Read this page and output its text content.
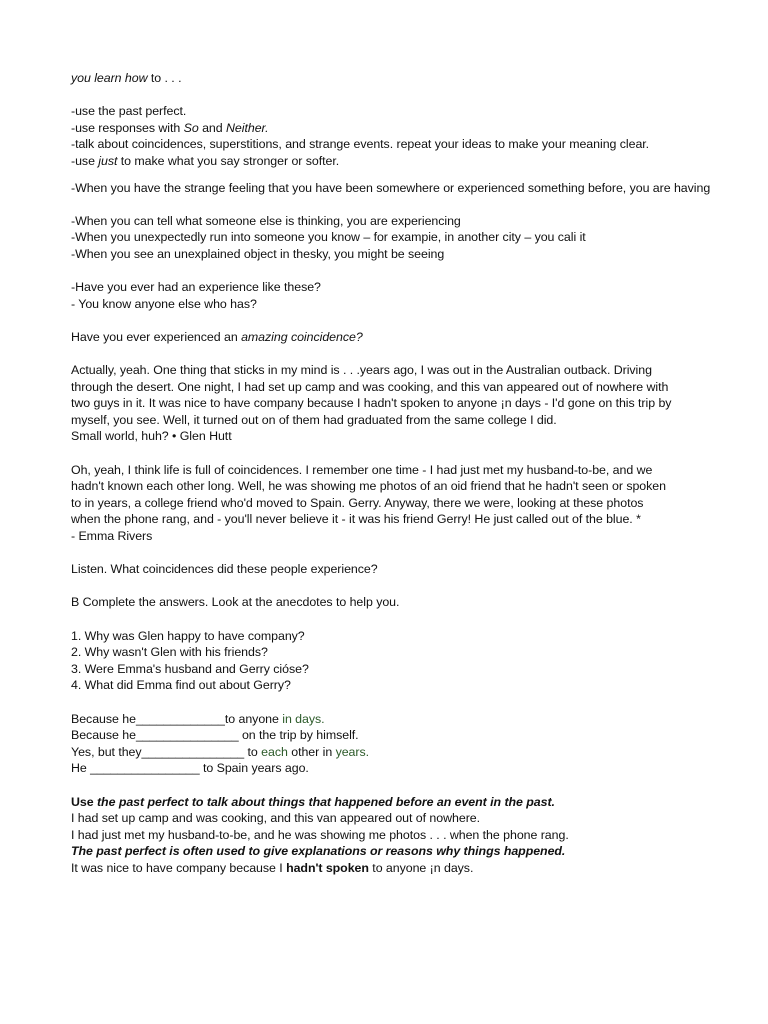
you learn how to . . .

-use the past perfect.

-use responses with So and Neither.

-talk about coincidences, superstitions, and strange events. repeat your ideas to make your meaning clear.

-use just to make what you say stronger or softer.

-When you have the strange feeling that you have been somewhere or experienced something before, you are having

-When you can tell what someone else is thinking, you are experiencing

-When you unexpectedly run into someone you know – for exampie, in another city – you cali it

-When you see an unexplained object in thesky, you might be seeing

-Have you ever had an experience like these?

- You know anyone else who has?

Have you ever experienced an amazing coincidence?

Actually, yeah. One thing that sticks in my mind is . . .years ago, I was out in the Australian outback. Driving

through the desert. One night, I had set up camp and was cooking, and this van appeared out of nowhere with

two guys in it. It was nice to have company because I hadn't spoken to anyone ¡n days - I'd gone on this trip by

myself, you see. Well, it turned out on of them had graduated from the same college I did.

Small world, huh? • Glen Hutt

Oh, yeah, I think life is full of coincidences. I remember one time - I had just met my husband-to-be, and we

hadn't known each other long. Well, he was showing me photos of an oid friend that he hadn't seen or spoken

to in years, a college friend who'd moved to Spain. Gerry. Anyway, there we were, looking at these photos

when the phone rang, and - you'll never believe it - it was his friend Gerry! He just called out of the blue. *

- Emma Rivers

Listen. What coincidences did these people experience?

B Complete the answers. Look at the anecdotes to help you.

1. Why was Glen happy to have company?

2. Why wasn't Glen with his friends?

3. Were Emma's husband and Gerry cióse?

4. What did Emma find out about Gerry?

Because he_____________to anyone in days.

Because he_______________ on the trip by himself.

Yes, but they_______________ to each other in years.

He ________________ to Spain years ago.

Use the past perfect to talk about things that happened before an event in the past.

I had set up camp and was cooking, and this van appeared out of nowhere.

I had just met my husband-to-be, and he was showing me photos . . . when the phone rang.

The past perfect is often used to give explanations or reasons why things happened.

It was nice to have company because I hadn't spoken to anyone ¡n days.
